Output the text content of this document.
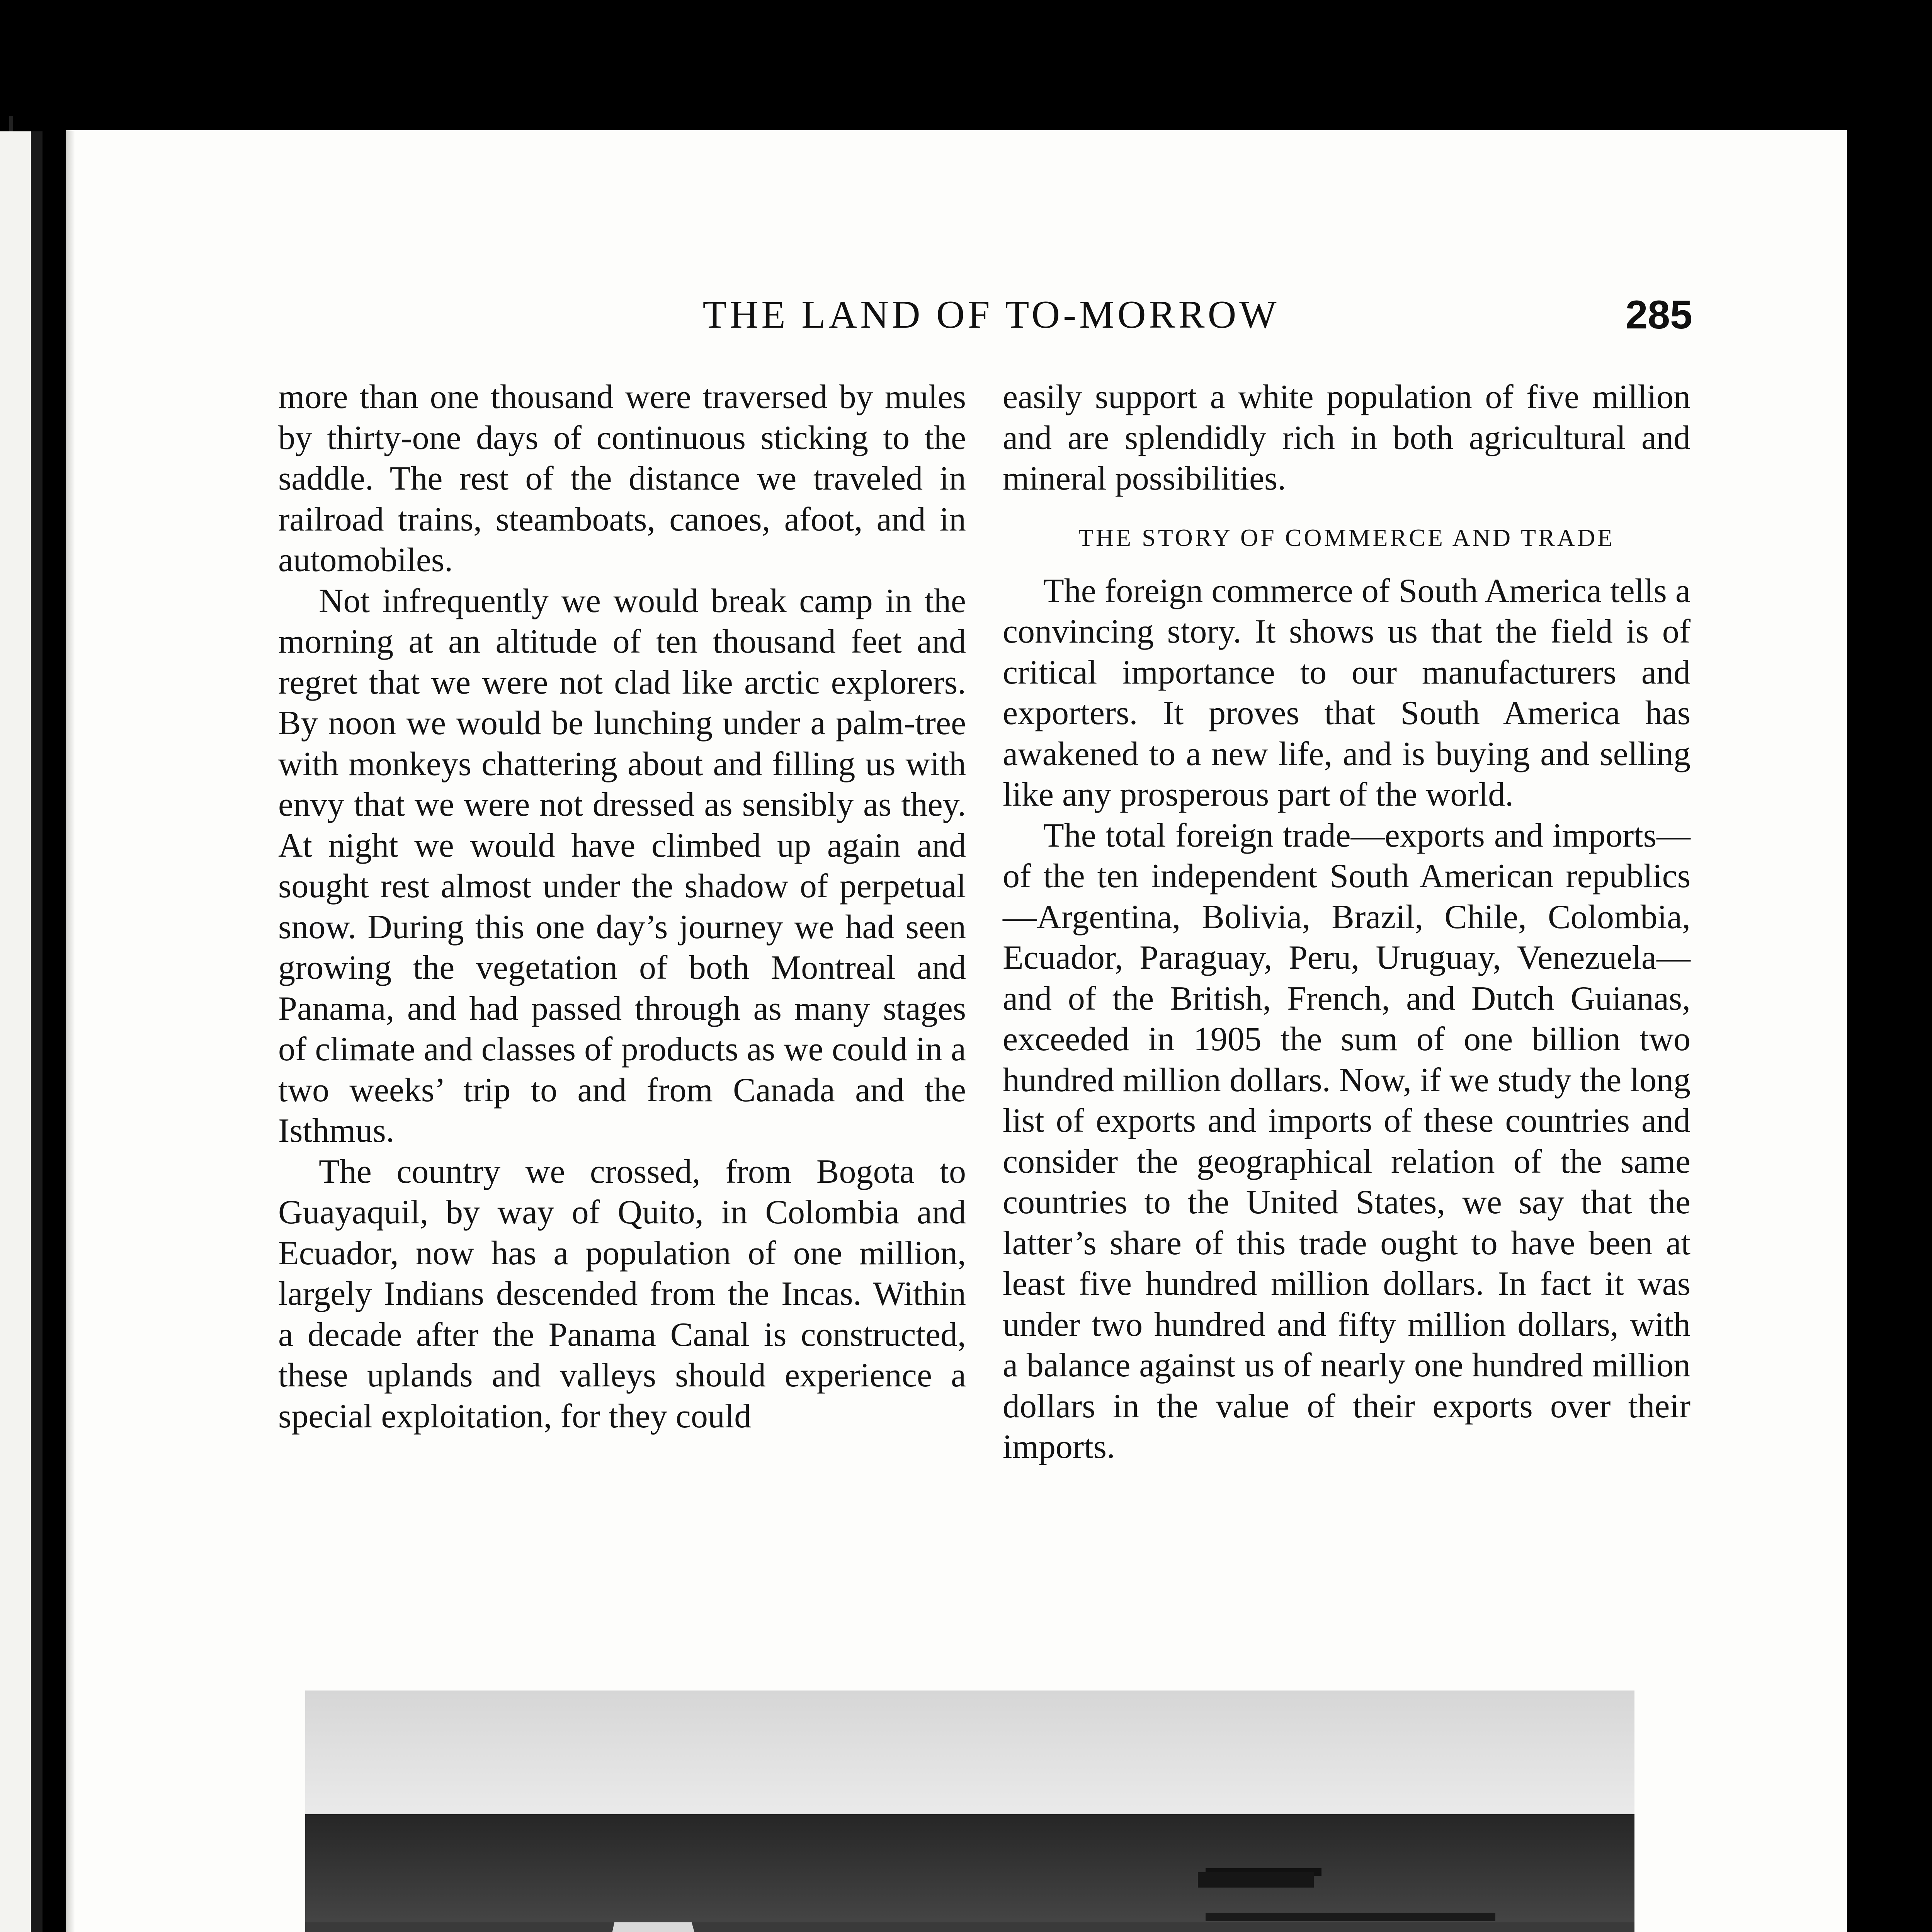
THE LAND OF TO-MORROW	285

more than one thousand were traversed by mules by thirty-one days of continuous sticking to the saddle. The rest of the distance we traveled in railroad trains, steamboats, canoes, afoot, and in automobiles.

Not infrequently we would break camp in the morning at an altitude of ten thousand feet and regret that we were not clad like arctic explorers. By noon we would be lunching under a palm-tree with monkeys chattering about and filling us with envy that we were not dressed as sensibly as they. At night we would have climbed up again and sought rest almost under the shadow of perpetual snow. During this one day’s journey we had seen growing the vegetation of both Montreal and Panama, and had passed through as many stages of climate and classes of products as we could in a two weeks’ trip to and from Canada and the Isthmus.

The country we crossed, from Bogota to Guayaquil, by way of Quito, in Colombia and Ecuador, now has a population of one million, largely Indians descended from the Incas. Within a decade after the Panama Canal is constructed, these uplands and valleys should experience a special exploitation, for they could

easily support a white population of five million and are splendidly rich in both agricultural and mineral possibilities.

THE STORY OF COMMERCE AND TRADE

The foreign commerce of South America tells a convincing story. It shows us that the field is of critical importance to our manufacturers and exporters. It proves that South America has awakened to a new life, and is buying and selling like any prosperous part of the world.

The total foreign trade—exports and imports—of the ten independent South American republics—Argentina, Bolivia, Brazil, Chile, Colombia, Ecuador, Paraguay, Peru, Uruguay, Venezuela—and of the British, French, and Dutch Guianas, exceeded in 1905 the sum of one billion two hundred million dollars. Now, if we study the long list of exports and imports of these countries and consider the geographical relation of the same countries to the United States, we say that the latter’s share of this trade ought to have been at least five hundred million dollars. In fact it was under two hundred and fifty million dollars, with a balance against us of nearly one hundred million dollars in the value of their exports over their imports.
